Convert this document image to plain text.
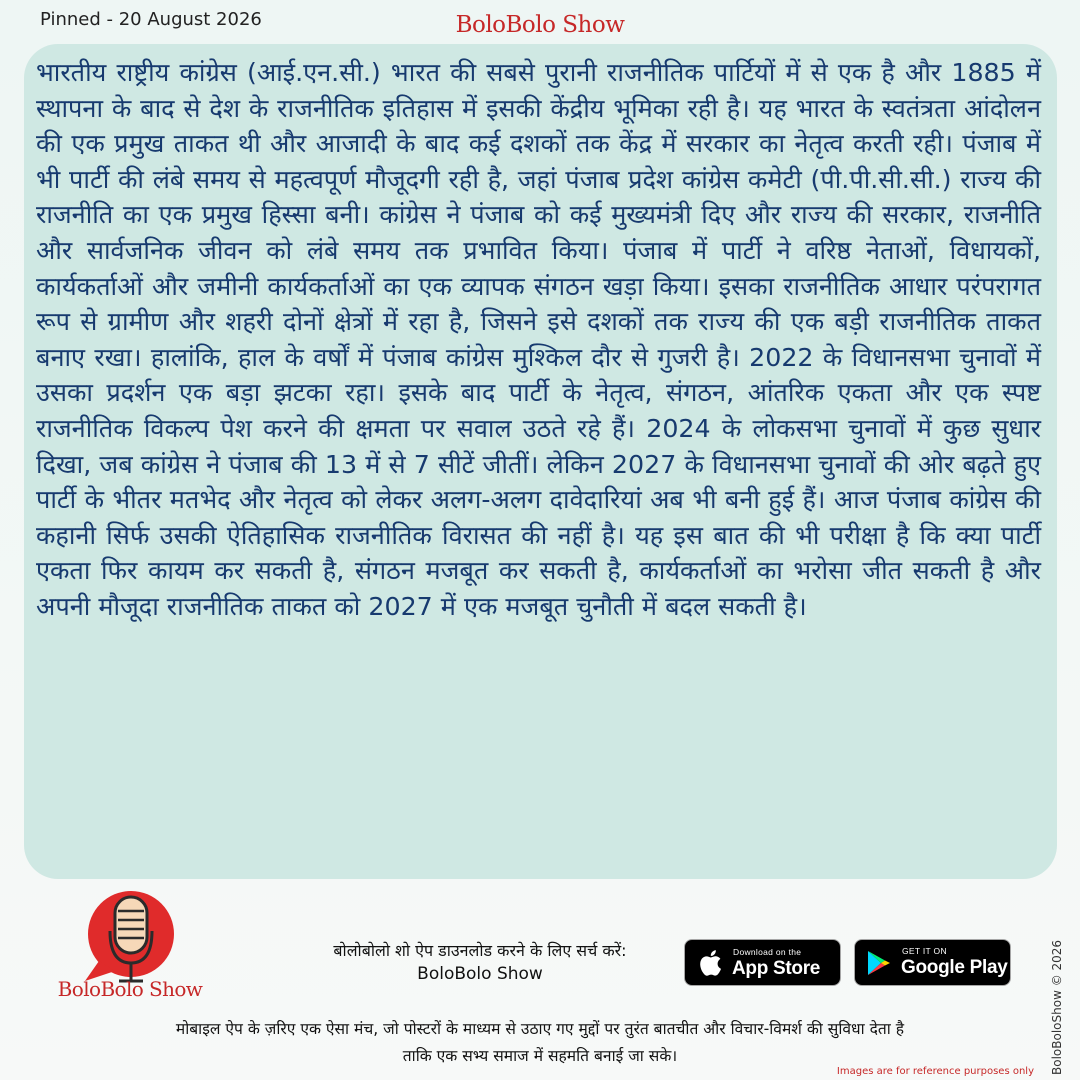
Pinned - 20 August 2026	BoloBolo Show

भारतीय राष्ट्रीय कांग्रेस (आई.एन.सी.) भारत की सबसे पुरानी राजनीतिक पार्टियों में से एक है और 1885 में स्थापना के बाद से देश के राजनीतिक इतिहास में इसकी केंद्रीय भूमिका रही है। यह भारत के स्वतंत्रता आंदोलन की एक प्रमुख ताकत थी और आजादी के बाद कई दशकों तक केंद्र में सरकार का नेतृत्व करती रही। पंजाब में भी पार्टी की लंबे समय से महत्वपूर्ण मौजूदगी रही है, जहां पंजाब प्रदेश कांग्रेस कमेटी (पी.पी.सी.सी.) राज्य की राजनीति का एक प्रमुख हिस्सा बनी। कांग्रेस ने पंजाब को कई मुख्यमंत्री दिए और राज्य की सरकार, राजनीति और सार्वजनिक जीवन को लंबे समय तक प्रभावित किया। पंजाब में पार्टी ने वरिष्ठ नेताओं, विधायकों, कार्यकर्ताओं और जमीनी कार्यकर्ताओं का एक व्यापक संगठन खड़ा किया। इसका राजनीतिक आधार परंपरागत रूप से ग्रामीण और शहरी दोनों क्षेत्रों में रहा है, जिसने इसे दशकों तक राज्य की एक बड़ी राजनीतिक ताकत बनाए रखा। हालांकि, हाल के वर्षों में पंजाब कांग्रेस मुश्किल दौर से गुजरी है। 2022 के विधानसभा चुनावों में उसका प्रदर्शन एक बड़ा झटका रहा। इसके बाद पार्टी के नेतृत्व, संगठन, आंतरिक एकता और एक स्पष्ट राजनीतिक विकल्प पेश करने की क्षमता पर सवाल उठते रहे हैं। 2024 के लोकसभा चुनावों में कुछ सुधार दिखा, जब कांग्रेस ने पंजाब की 13 में से 7 सीटें जीतीं। लेकिन 2027 के विधानसभा चुनावों की ओर बढ़ते हुए पार्टी के भीतर मतभेद और नेतृत्व को लेकर अलग-अलग दावेदारियां अब भी बनी हुई हैं। आज पंजाब कांग्रेस की कहानी सिर्फ उसकी ऐतिहासिक राजनीतिक विरासत की नहीं है। यह इस बात की भी परीक्षा है कि क्या पार्टी एकता फिर कायम कर सकती है, संगठन मजबूत कर सकती है, कार्यकर्ताओं का भरोसा जीत सकती है और अपनी मौजूदा राजनीतिक ताकत को 2027 में एक मजबूत चुनौती में बदल सकती है।

BoloBolo Show
बोलोबोलो शो ऐप डाउनलोड करने के लिए सर्च करें:
BoloBolo Show
Download on the
App Store
GET IT ON
Google Play
मोबाइल ऐप के ज़रिए एक ऐसा मंच, जो पोस्टरों के माध्यम से उठाए गए मुद्दों पर तुरंत बातचीत और विचार-विमर्श की सुविधा देता है
ताकि एक सभ्य समाज में सहमति बनाई जा सके।	BoloBoloShow © 2026
Images are for reference purposes only
